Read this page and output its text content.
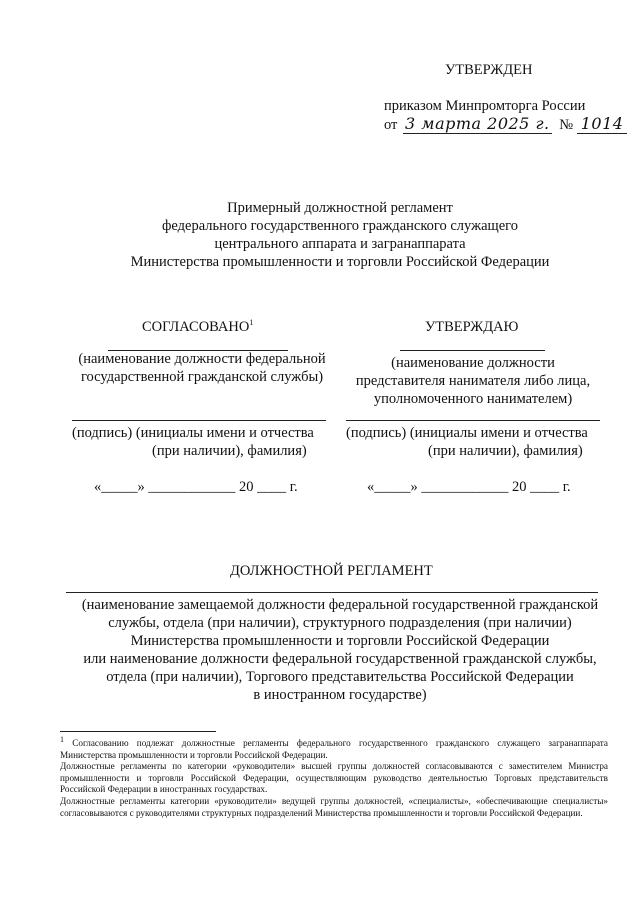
УТВЕРЖДЕН
приказом Минпромторга России
от 3 марта 2025 г. № 1014
Примерный должностной регламент
федерального государственного гражданского служащего
центрального аппарата и загранаппарата
Министерства промышленности и торговли Российской Федерации
СОГЛАСОВАНО$^1$
(наименование должности федеральной
государственной гражданской службы)
(подпись) (инициалы имени и отчества
(при наличии), фамилия)
«_____» ____________ 20 ____ г.
УТВЕРЖДАЮ
(наименование должности
представителя нанимателя либо лица,
уполномоченного нанимателем)
(подпись) (инициалы имени и отчества
(при наличии), фамилия)
«_____» ____________ 20 ____ г.
ДОЛЖНОСТНОЙ РЕГЛАМЕНТ
(наименование замещаемой должности федеральной государственной гражданской
службы, отдела (при наличии), структурного подразделения (при наличии)
Министерства промышленности и торговли Российской Федерации
или наименование должности федеральной государственной гражданской службы,
отдела (при наличии), Торгового представительства Российской Федерации
в иностранном государстве)

$^1$ Согласованию подлежат должностные регламенты федерального государственного гражданского служащего загранаппарата Министерства промышленности и торговли Российской Федерации.

Должностные регламенты по категории «руководители» высшей группы должностей согласовываются с заместителем Министра промышленности и торговли Российской Федерации, осуществляющим руководство деятельностью Торговых представительств Российской Федерации в иностранных государствах.

Должностные регламенты категории «руководители» ведущей группы должностей, «специалисты», «обеспечивающие специалисты» согласовываются с руководителями структурных подразделений Министерства промышленности и торговли Российской Федерации.
